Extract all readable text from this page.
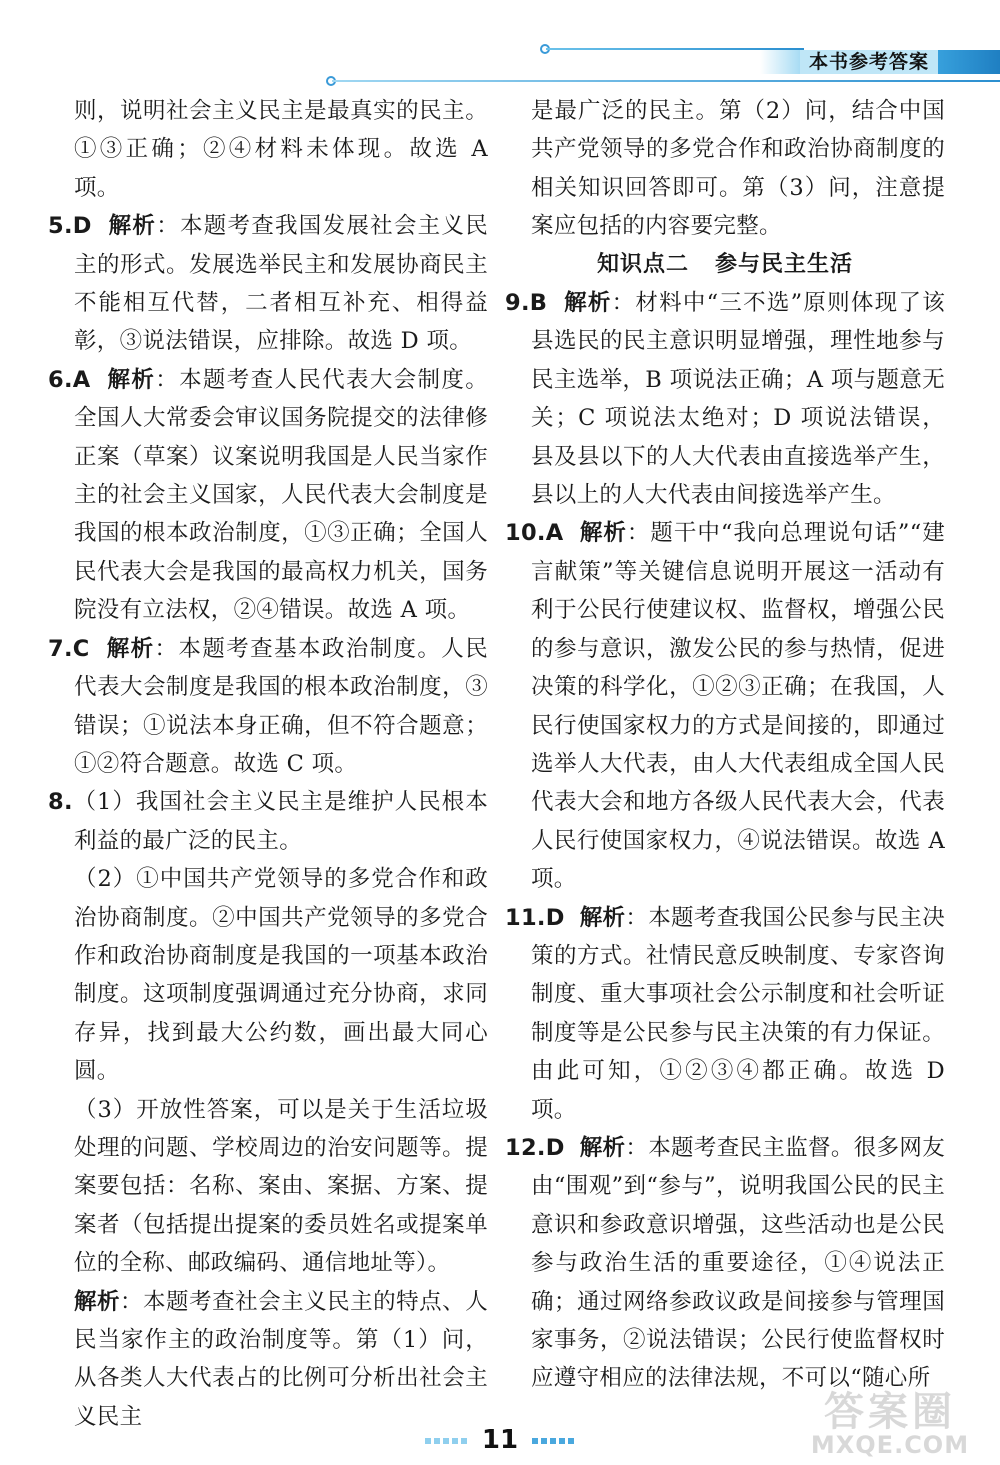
本书参考答案

则，说明社会主义民主是最真实的民主。①③正确；②④材料未体现。故选 A 项。

5.D 解析：本题考查我国发展社会主义民主的形式。发展选举民主和发展协商民主不能相互代替，二者相互补充、相得益彰，③说法错误，应排除。故选 D 项。

6.A 解析：本题考查人民代表大会制度。全国人大常委会审议国务院提交的法律修正案（草案）议案说明我国是人民当家作主的社会主义国家，人民代表大会制度是我国的根本政治制度，①③正确；全国人民代表大会是我国的最高权力机关，国务院没有立法权，②④错误。故选 A 项。

7.C 解析：本题考查基本政治制度。人民代表大会制度是我国的根本政治制度，③错误；①说法本身正确，但不符合题意；①②符合题意。故选 C 项。

8.（1）我国社会主义民主是维护人民根本利益的最广泛的民主。

（2）①中国共产党领导的多党合作和政治协商制度。②中国共产党领导的多党合作和政治协商制度是我国的一项基本政治制度。这项制度强调通过充分协商，求同存异，找到最大公约数，画出最大同心圆。

（3）开放性答案，可以是关于生活垃圾处理的问题、学校周边的治安问题等。提案要包括：名称、案由、案据、方案、提案者（包括提出提案的委员姓名或提案单位的全称、邮政编码、通信地址等）。

解析：本题考查社会主义民主的特点、人民当家作主的政治制度等。第（1）问，从各类人大代表占的比例可分析出社会主义民主

是最广泛的民主。第（2）问，结合中国共产党领导的多党合作和政治协商制度的相关知识回答即可。第（3）问，注意提案应包括的内容要完整。

知识点二 参与民主生活

9.B 解析：材料中“三不选”原则体现了该县选民的民主意识明显增强，理性地参与民主选举，B 项说法正确；A 项与题意无关；C 项说法太绝对；D 项说法错误，县及县以下的人大代表由直接选举产生，县以上的人大代表由间接选举产生。

10.A 解析：题干中“我向总理说句话”“建言献策”等关键信息说明开展这一活动有利于公民行使建议权、监督权，增强公民的参与意识，激发公民的参与热情，促进决策的科学化，①②③正确；在我国，人民行使国家权力的方式是间接的，即通过选举人大代表，由人大代表组成全国人民代表大会和地方各级人民代表大会，代表人民行使国家权力，④说法错误。故选 A 项。

11.D 解析：本题考查我国公民参与民主决策的方式。社情民意反映制度、专家咨询制度、重大事项社会公示制度和社会听证制度等是公民参与民主决策的有力保证。由此可知，①②③④都正确。故选 D 项。

12.D 解析：本题考查民主监督。很多网友由“围观”到“参与”，说明我国公民的民主意识和参政意识增强，这些活动也是公民参与政治生活的重要途径，①④说法正确；通过网络参政议政是间接参与管理国家事务，②说法错误；公民行使监督权时应遵守相应的法律法规，不可以“随心所

11
答案圈
MXQE.COM
